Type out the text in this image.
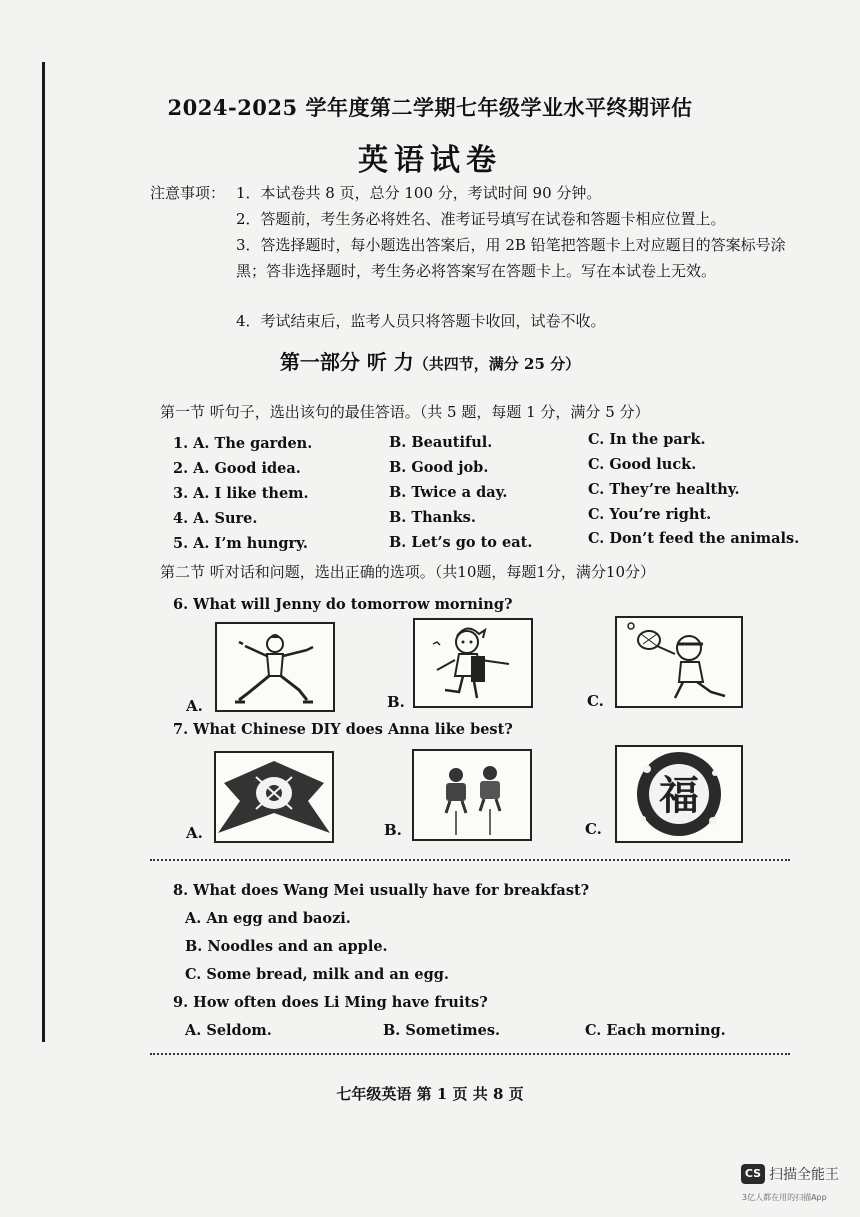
2024-2025 学年度第二学期七年级学业水平终期评估
英语试卷
注意事项： 1．本试卷共 8 页，总分 100 分，考试时间 90 分钟。
2．答题前，考生务必将姓名、准考证号填写在试卷和答题卡相应位置上。
3．答选择题时，每小题选出答案后，用 2B 铅笔把答题卡上对应题目的答案标号涂黑；答非选择题时，考生务必将答案写在答题卡上。写在本试卷上无效。
4．考试结束后，监考人员只将答题卡收回，试卷不收。
第一部分 听 力（共四节，满分 25 分）
第一节 听句子，选出该句的最佳答语。（共 5 题，每题 1 分，满分 5 分）
1. A. The garden.	B. Beautiful.	C. In the park.
2. A. Good idea.	B. Good job.	C. Good luck.
3. A. I like them.	B. Twice a day.	C. They’re healthy.
4. A. Sure.	B. Thanks.	C. You’re right.
5. A. I’m hungry.	B. Let’s go to eat.	C. Don’t feed the animals.
第二节 听对话和问题，选出正确的选项。（共10题，每题1分，满分10分）
6. What will Jenny do tomorrow morning?
A.	B.	C.
7. What Chinese DIY does Anna like best?
A.	B.	C.
福
8. What does Wang Mei usually have for breakfast?
A. An egg and baozi.
B. Noodles and an apple.
C. Some bread, milk and an egg.
9. How often does Li Ming have fruits?
A. Seldom.	B. Sometimes.	C. Each morning.
七年级英语 第 1 页 共 8 页
CS 扫描全能王
3亿人都在用的扫描App
